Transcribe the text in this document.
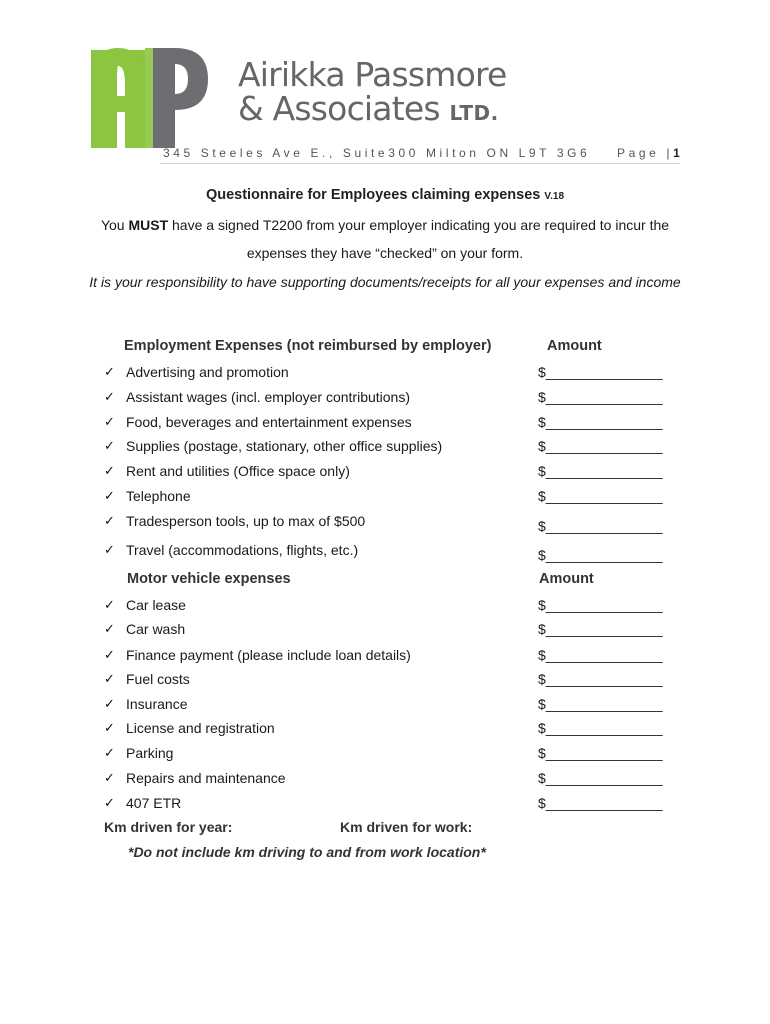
Airikka Passmore
& Associates LTD.
345 Steeles Ave E., Suite300 Milton ON L9T 3G6 Page |1
Questionnaire for Employees claiming expenses V.18
You MUST have a signed T2200 from your employer indicating you are required to incur the
expenses they have “checked” on your form.
It is your responsibility to have supporting documents/receipts for all your expenses and income
Employment Expenses (not reimbursed by employer)	Amount
✓ Advertising and promotion	$_______________
✓ Assistant wages (incl. employer contributions)	$_______________
✓ Food, beverages and entertainment expenses	$_______________
✓ Supplies (postage, stationary, other office supplies)	$_______________
✓ Rent and utilities (Office space only)	$_______________
✓ Telephone	$_______________
✓ Tradesperson tools, up to max of $500	$_______________
✓ Travel (accommodations, flights, etc.)	$_______________
Motor vehicle expenses	Amount
✓ Car lease	$_______________
✓ Car wash	$_______________
✓ Finance payment (please include loan details)	$_______________
✓ Fuel costs	$_______________
✓ Insurance	$_______________
✓ License and registration	$_______________
✓ Parking	$_______________
✓ Repairs and maintenance	$_______________
✓ 407 ETR	$_______________
Km driven for year:	Km driven for work:
*Do not include km driving to and from work location*
